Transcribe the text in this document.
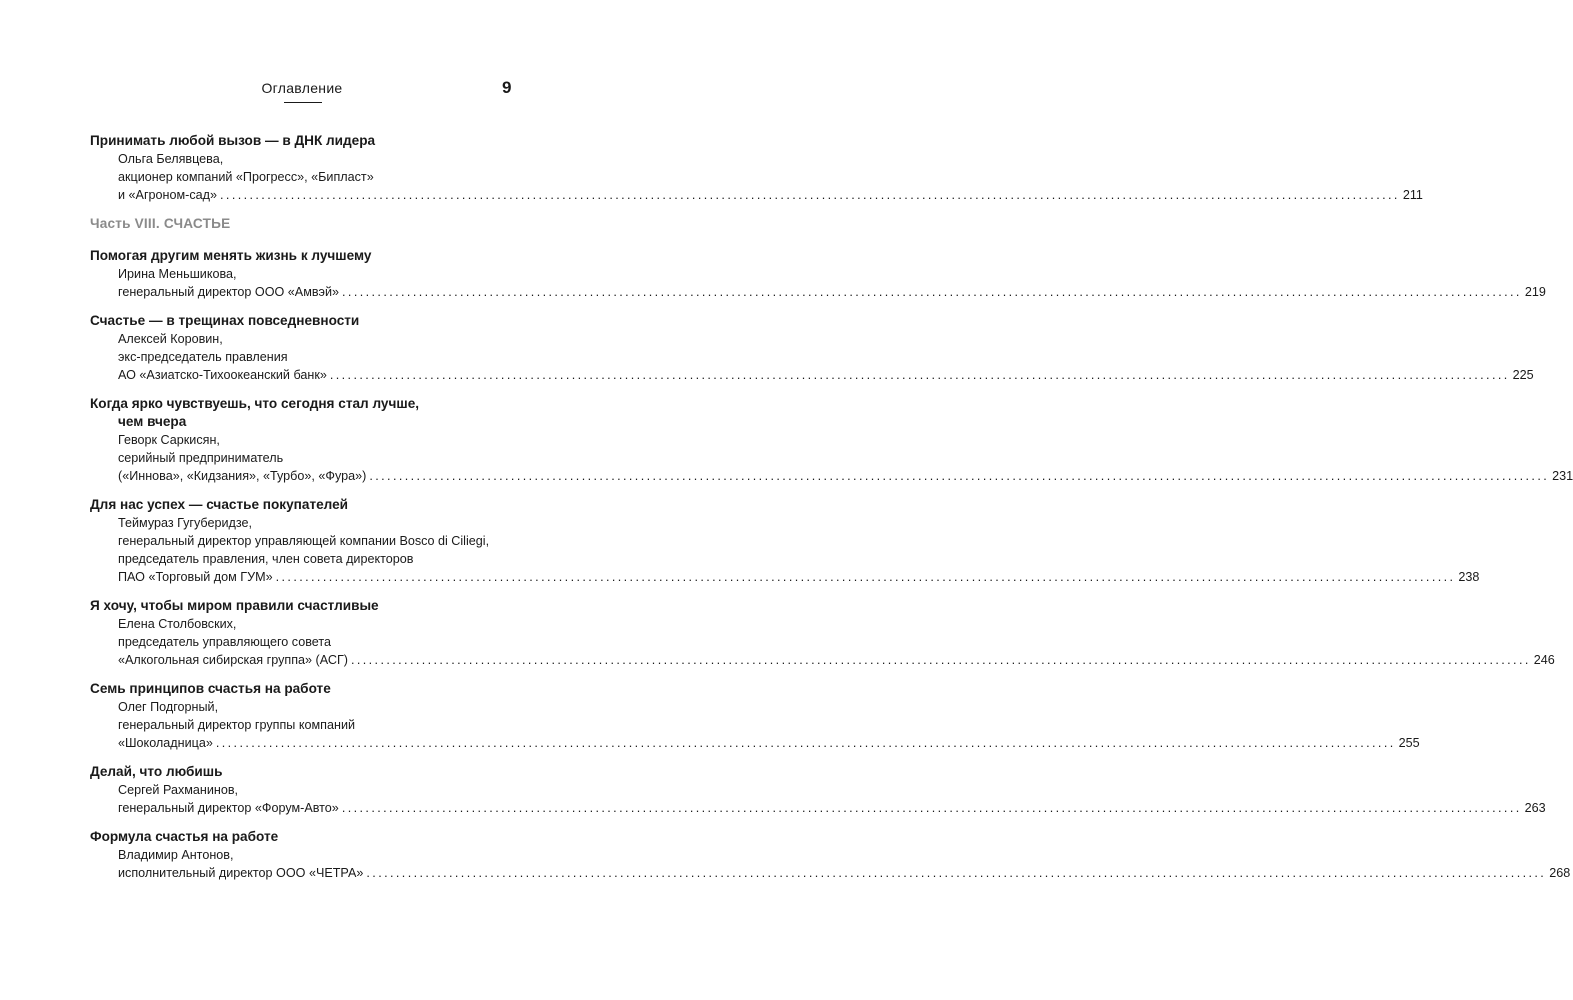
Оглавление	9
Принимать любой вызов — в ДНК лидера
Ольга Белявцева,
акционер компаний «Прогресс», «Бипласт»
и «Агроном-сад» ........................................................................................................................................................................................................ 211
Часть VIII. СЧАСТЬЕ
Помогая другим менять жизнь к лучшему
Ирина Меньшикова,
генеральный директор ООО «Амвэй» ........................................................................................................................................................................................................ 219
Счастье — в трещинах повседневности
Алексей Коровин,
экс-председатель правления
АО «Азиатско-Тихоокеанский банк» ........................................................................................................................................................................................................ 225
Когда ярко чувствуешь, что сегодня стал лучше,
чем вчера
Геворк Саркисян,
серийный предприниматель
(«Иннова», «Кидзания», «Турбо», «Фура») ........................................................................................................................................................................................................ 231
Для нас успех — счастье покупателей
Теймураз Гугуберидзе,
генеральный директор управляющей компании Bosco di Ciliegi,
председатель правления, член совета директоров
ПАО «Торговый дом ГУМ» ........................................................................................................................................................................................................ 238
Я хочу, чтобы миром правили счастливые
Елена Столбовских,
председатель управляющего совета
«Алкогольная сибирская группа» (АСГ) ........................................................................................................................................................................................................ 246
Семь принципов счастья на работе
Олег Подгорный,
генеральный директор группы компаний
«Шоколадница» ........................................................................................................................................................................................................ 255
Делай, что любишь
Сергей Рахманинов,
генеральный директор «Форум-Авто» ........................................................................................................................................................................................................ 263
Формула счастья на работе
Владимир Антонов,
исполнительный директор ООО «ЧЕТРА» ........................................................................................................................................................................................................ 268
